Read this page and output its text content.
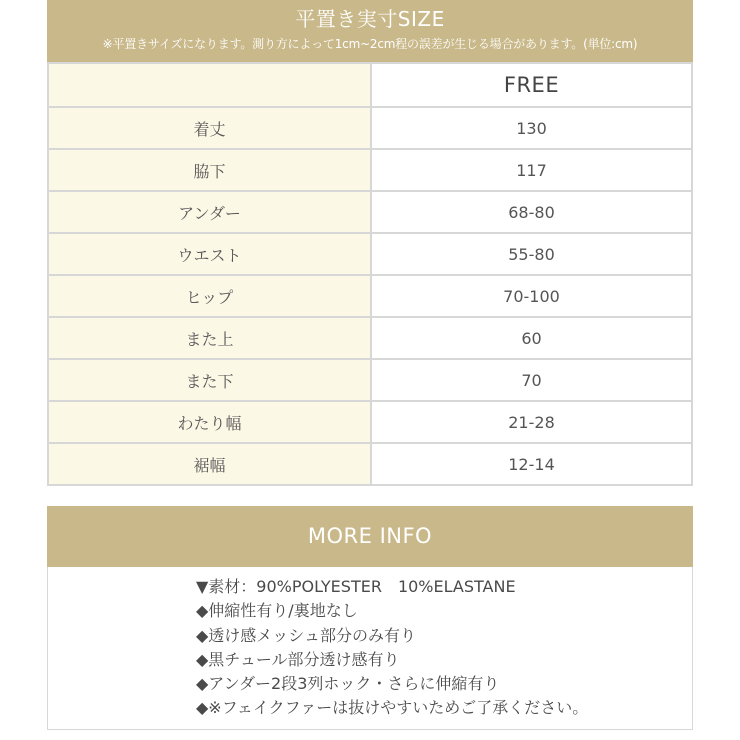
平置き実寸SIZE
※平置きサイズになります。測り方によって1cm~2cm程の誤差が生じる場合があります。(単位:cm)
	FREE
着丈	130
脇下	117
アンダー	68-80
ウエスト	55-80
ヒップ	70-100
また上	60
また下	70
わたり幅	21-28
裾幅	12-14
MORE INFO
▼素材：90%POLYESTER　10%ELASTANE
◆伸縮性有り/裏地なし
◆透け感メッシュ部分のみ有り
◆黒チュール部分透け感有り
◆アンダー2段3列ホック・さらに伸縮有り
◆※フェイクファーは抜けやすいためご了承ください。
